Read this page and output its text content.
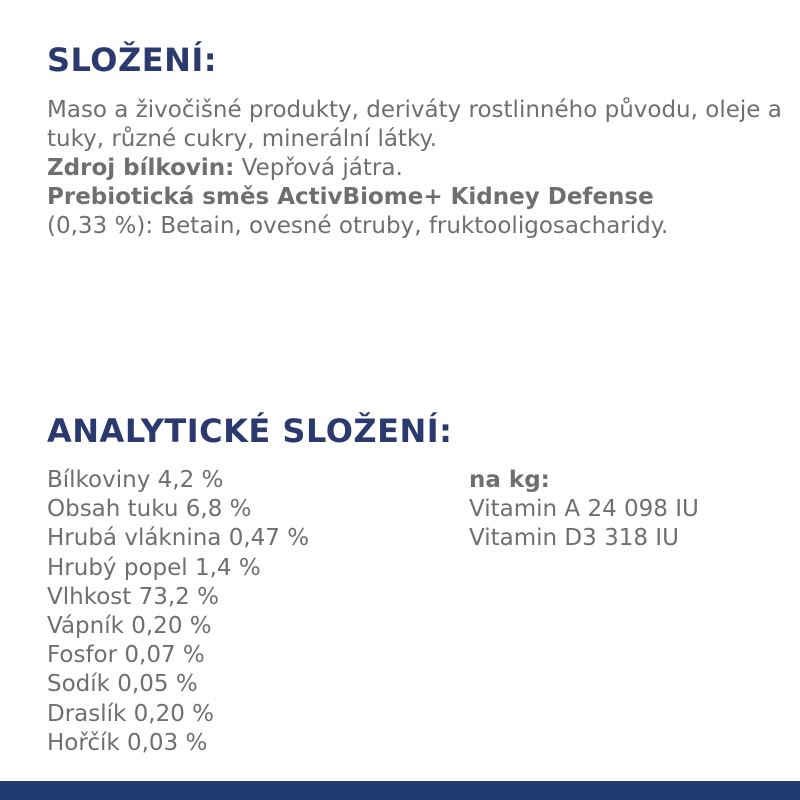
SLOŽENÍ:

Maso a živočišné produkty, deriváty rostlinného původu, oleje a tuky, různé cukry, minerální látky.

Zdroj bílkovin: Vepřová játra.

Prebiotická směs ActivBiome+ Kidney Defense
(0,33 %): Betain, ovesné otruby, fruktooligosacharidy.

ANALYTICKÉ SLOŽENÍ:
Bílkoviny 4,2 %
Obsah tuku 6,8 %
Hrubá vláknina 0,47 %
Hrubý popel 1,4 %
Vlhkost 73,2 %
Vápník 0,20 %
Fosfor 0,07 %
Sodík 0,05 %
Draslík 0,20 %
Hořčík 0,03 %
na kg:
Vitamin A 24 098 IU
Vitamin D3 318 IU
